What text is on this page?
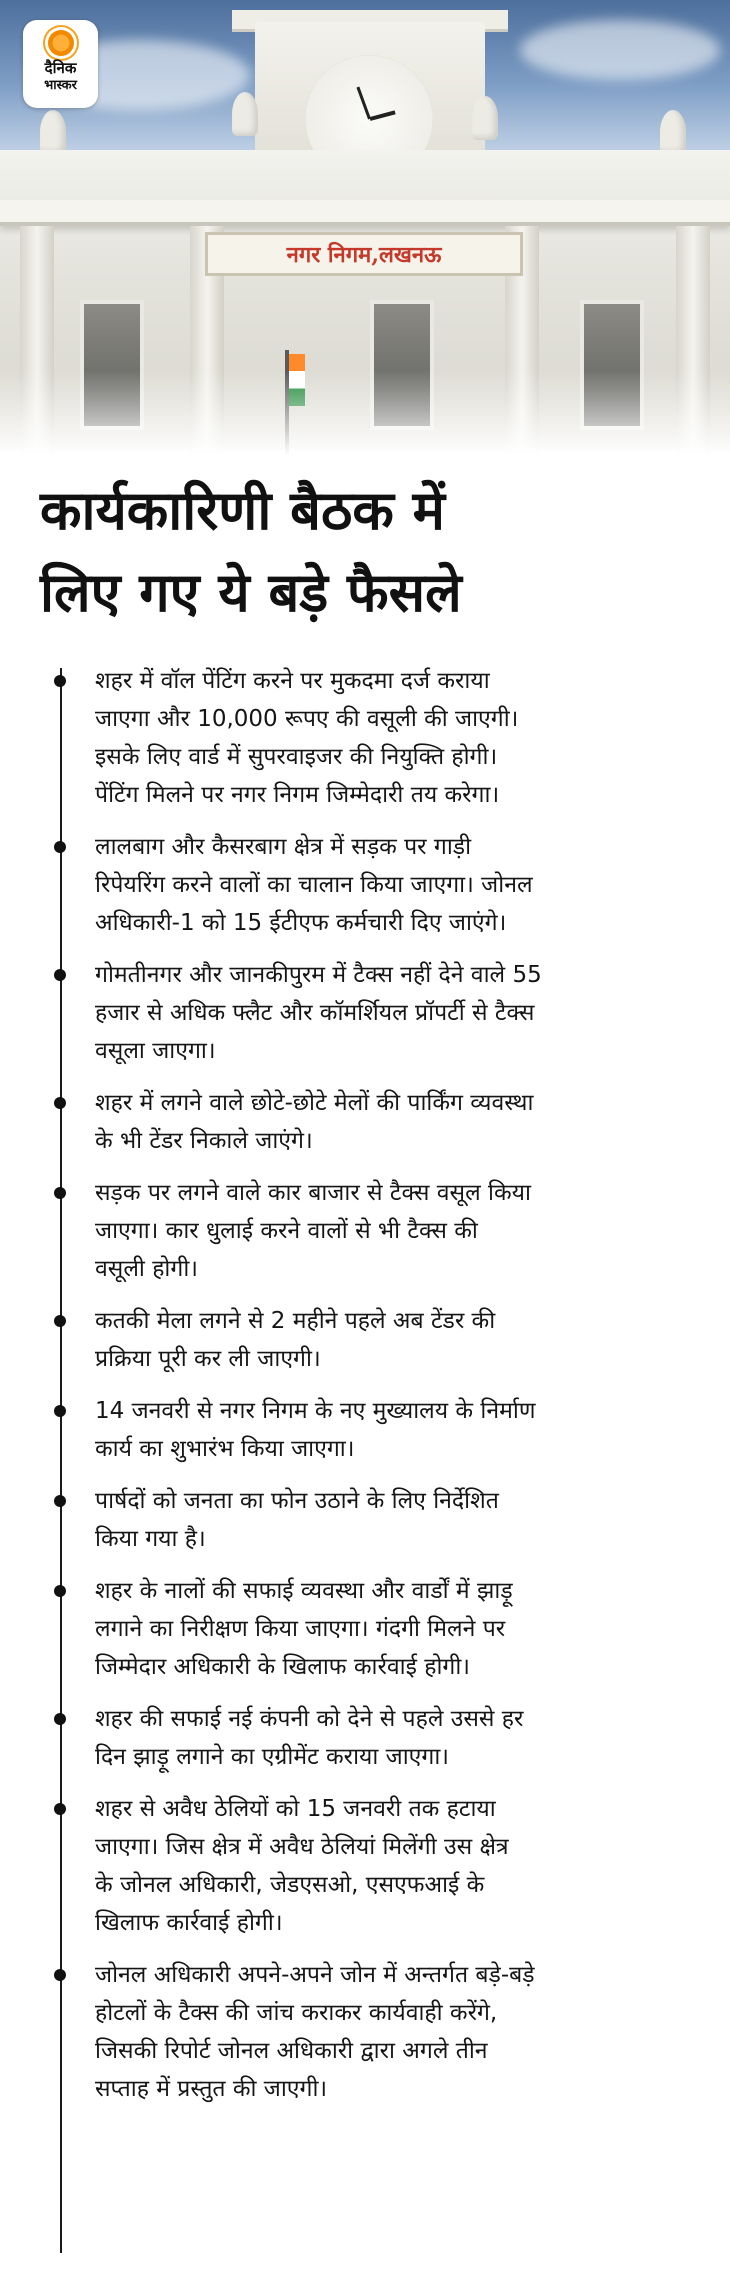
नगर निगम,लखनऊ
दैनिक
भास्कर
कार्यकारिणी बैठक में
लिए गए ये बड़े फैसले
शहर में वॉल पेंटिंग करने पर मुकदमा दर्ज कराया
जाएगा और 10,000 रूपए की वसूली की जाएगी।
इसके लिए वार्ड में सुपरवाइजर की नियुक्ति होगी।
पेंटिंग मिलने पर नगर निगम जिम्मेदारी तय करेगा।
लालबाग और कैसरबाग क्षेत्र में सड़क पर गाड़ी
रिपेयरिंग करने वालों का चालान किया जाएगा। जोनल
अधिकारी-1 को 15 ईटीएफ कर्मचारी दिए जाएंगे।
गोमतीनगर और जानकीपुरम में टैक्स नहीं देने वाले 55
हजार से अधिक फ्लैट और कॉमर्शियल प्रॉपर्टी से टैक्स
वसूला जाएगा।
शहर में लगने वाले छोटे-छोटे मेलों की पार्किंग व्यवस्था
के भी टेंडर निकाले जाएंगे।
सड़क पर लगने वाले कार बाजार से टैक्स वसूल किया
जाएगा। कार धुलाई करने वालों से भी टैक्स की
वसूली होगी।
कतकी मेला लगने से 2 महीने पहले अब टेंडर की
प्रक्रिया पूरी कर ली जाएगी।
14 जनवरी से नगर निगम के नए मुख्यालय के निर्माण
कार्य का शुभारंभ किया जाएगा।
पार्षदों को जनता का फोन उठाने के लिए निर्देशित
किया गया है।
शहर के नालों की सफाई व्यवस्था और वार्डों में झाड़ू
लगाने का निरीक्षण किया जाएगा। गंदगी मिलने पर
जिम्मेदार अधिकारी के खिलाफ कार्रवाई होगी।
शहर की सफाई नई कंपनी को देने से पहले उससे हर
दिन झाड़ू लगाने का एग्रीमेंट कराया जाएगा।
शहर से अवैध ठेलियों को 15 जनवरी तक हटाया
जाएगा। जिस क्षेत्र में अवैध ठेलियां मिलेंगी उस क्षेत्र
के जोनल अधिकारी, जेडएसओ, एसएफआई के
खिलाफ कार्रवाई होगी।
जोनल अधिकारी अपने-अपने जोन में अन्तर्गत बड़े-बड़े
होटलों के टैक्स की जांच कराकर कार्यवाही करेंगे,
जिसकी रिपोर्ट जोनल अधिकारी द्वारा अगले तीन
सप्ताह में प्रस्तुत की जाएगी।
